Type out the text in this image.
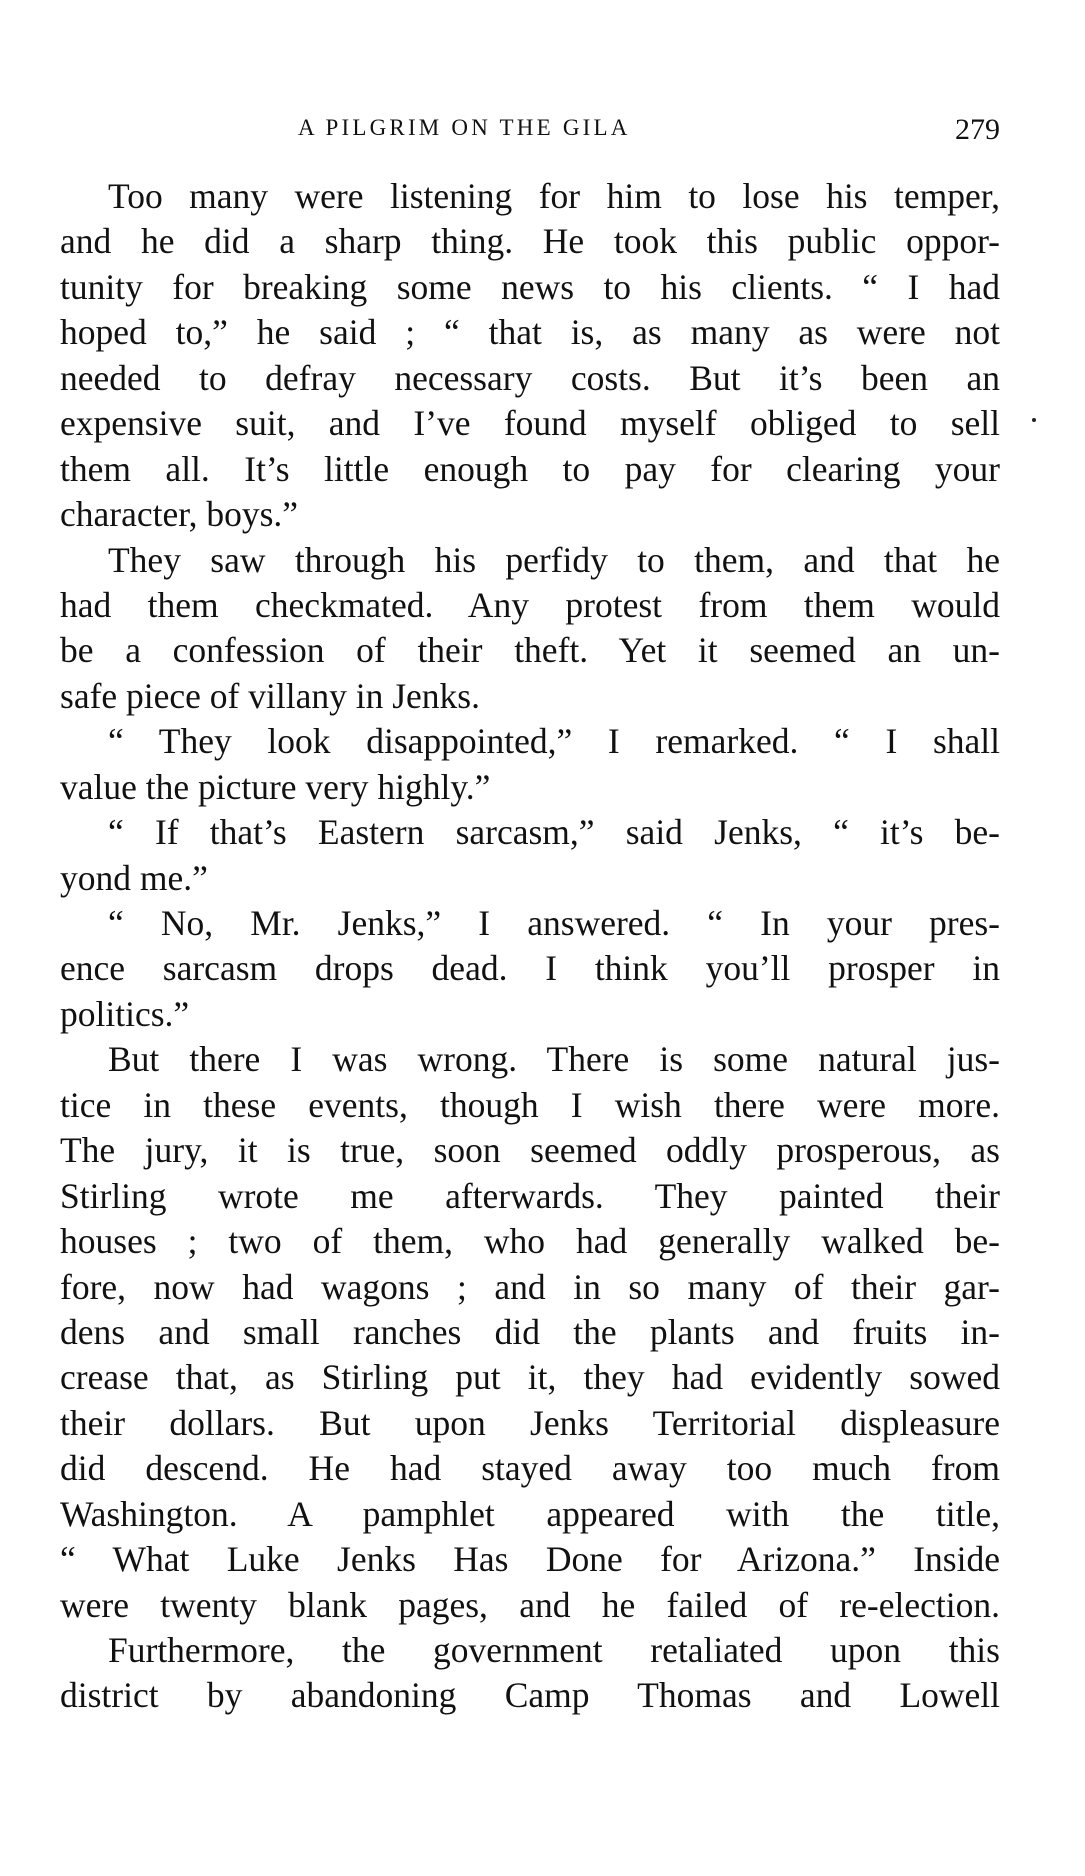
A PILGRIM ON THE GILA	279
Too many were listening for him to lose his temper,
and he did a sharp thing. He took this public oppor-
tunity for breaking some news to his clients. “ I had
hoped to,” he said ; “ that is, as many as were not
needed to defray necessary costs. But it’s been an
expensive suit, and I’ve found myself obliged to sell
them all. It’s little enough to pay for clearing your
character, boys.”
They saw through his perfidy to them, and that he
had them checkmated. Any protest from them would
be a confession of their theft. Yet it seemed an un-
safe piece of villany in Jenks.
“ They look disappointed,” I remarked. “ I shall
value the picture very highly.”
“ If that’s Eastern sarcasm,” said Jenks, “ it’s be-
yond me.”
“ No, Mr. Jenks,” I answered. “ In your pres-
ence sarcasm drops dead. I think you’ll prosper in
politics.”
But there I was wrong. There is some natural jus-
tice in these events, though I wish there were more.
The jury, it is true, soon seemed oddly prosperous, as
Stirling wrote me afterwards. They painted their
houses ; two of them, who had generally walked be-
fore, now had wagons ; and in so many of their gar-
dens and small ranches did the plants and fruits in-
crease that, as Stirling put it, they had evidently sowed
their dollars. But upon Jenks Territorial displeasure
did descend. He had stayed away too much from
Washington. A pamphlet appeared with the title,
“ What Luke Jenks Has Done for Arizona.” Inside
were twenty blank pages, and he failed of re-election.
Furthermore, the government retaliated upon this
district by abandoning Camp Thomas and Lowell
